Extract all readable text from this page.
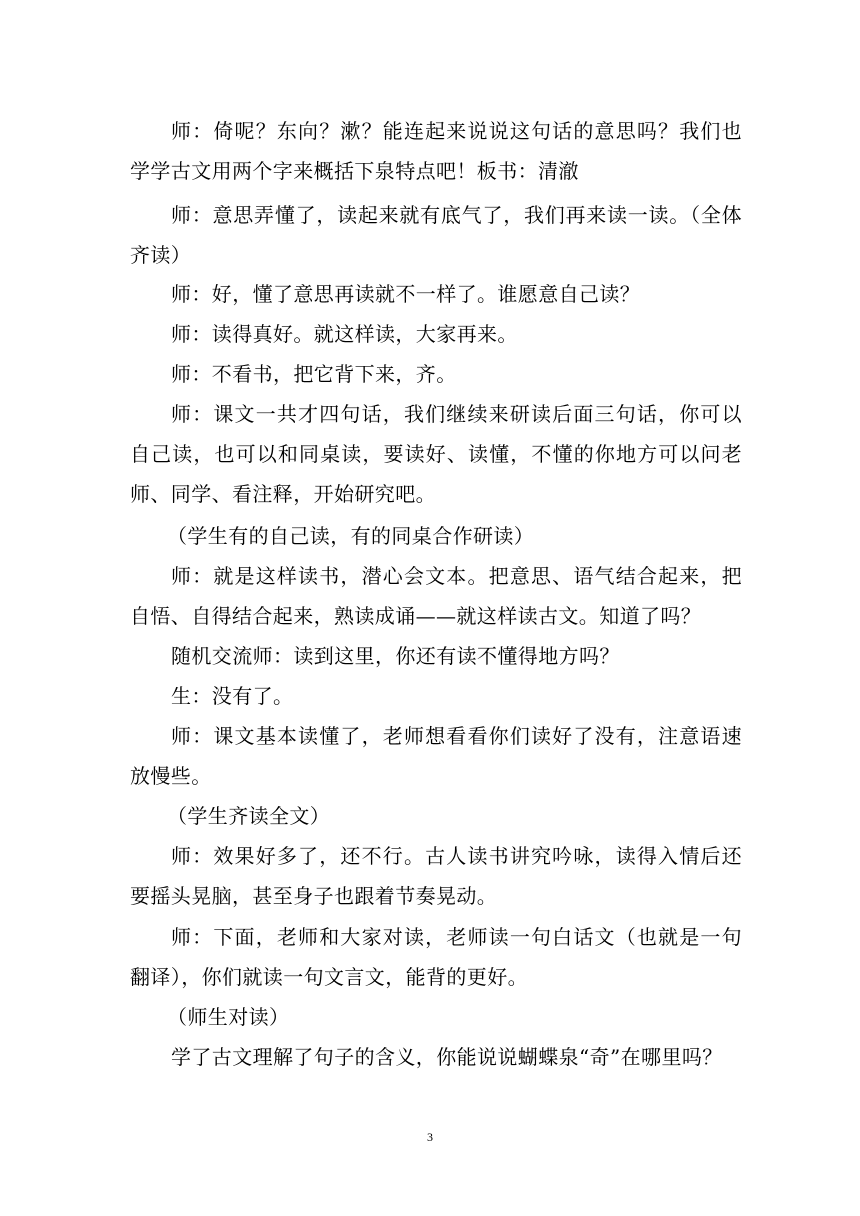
师：倚呢？东向？漱？能连起来说说这句话的意思吗？我们也学学古文用两个字来概括下泉特点吧！板书：清澈

师：意思弄懂了，读起来就有底气了，我们再来读一读。（全体齐读）

师：好，懂了意思再读就不一样了。谁愿意自己读？

师：读得真好。就这样读，大家再来。

师：不看书，把它背下来，齐。

师：课文一共才四句话，我们继续来研读后面三句话，你可以自己读，也可以和同桌读，要读好、读懂，不懂的你地方可以问老师、同学、看注释，开始研究吧。

（学生有的自己读，有的同桌合作研读）

师：就是这样读书，潜心会文本。把意思、语气结合起来，把自悟、自得结合起来，熟读成诵——就这样读古文。知道了吗？

随机交流师：读到这里，你还有读不懂得地方吗？

生：没有了。

师：课文基本读懂了，老师想看看你们读好了没有，注意语速放慢些。

（学生齐读全文）

师：效果好多了，还不行。古人读书讲究吟咏，读得入情后还要摇头晃脑，甚至身子也跟着节奏晃动。

师：下面，老师和大家对读，老师读一句白话文（也就是一句翻译），你们就读一句文言文，能背的更好。

（师生对读）

学了古文理解了句子的含义，你能说说蝴蝶泉“奇”在哪里吗？

3
